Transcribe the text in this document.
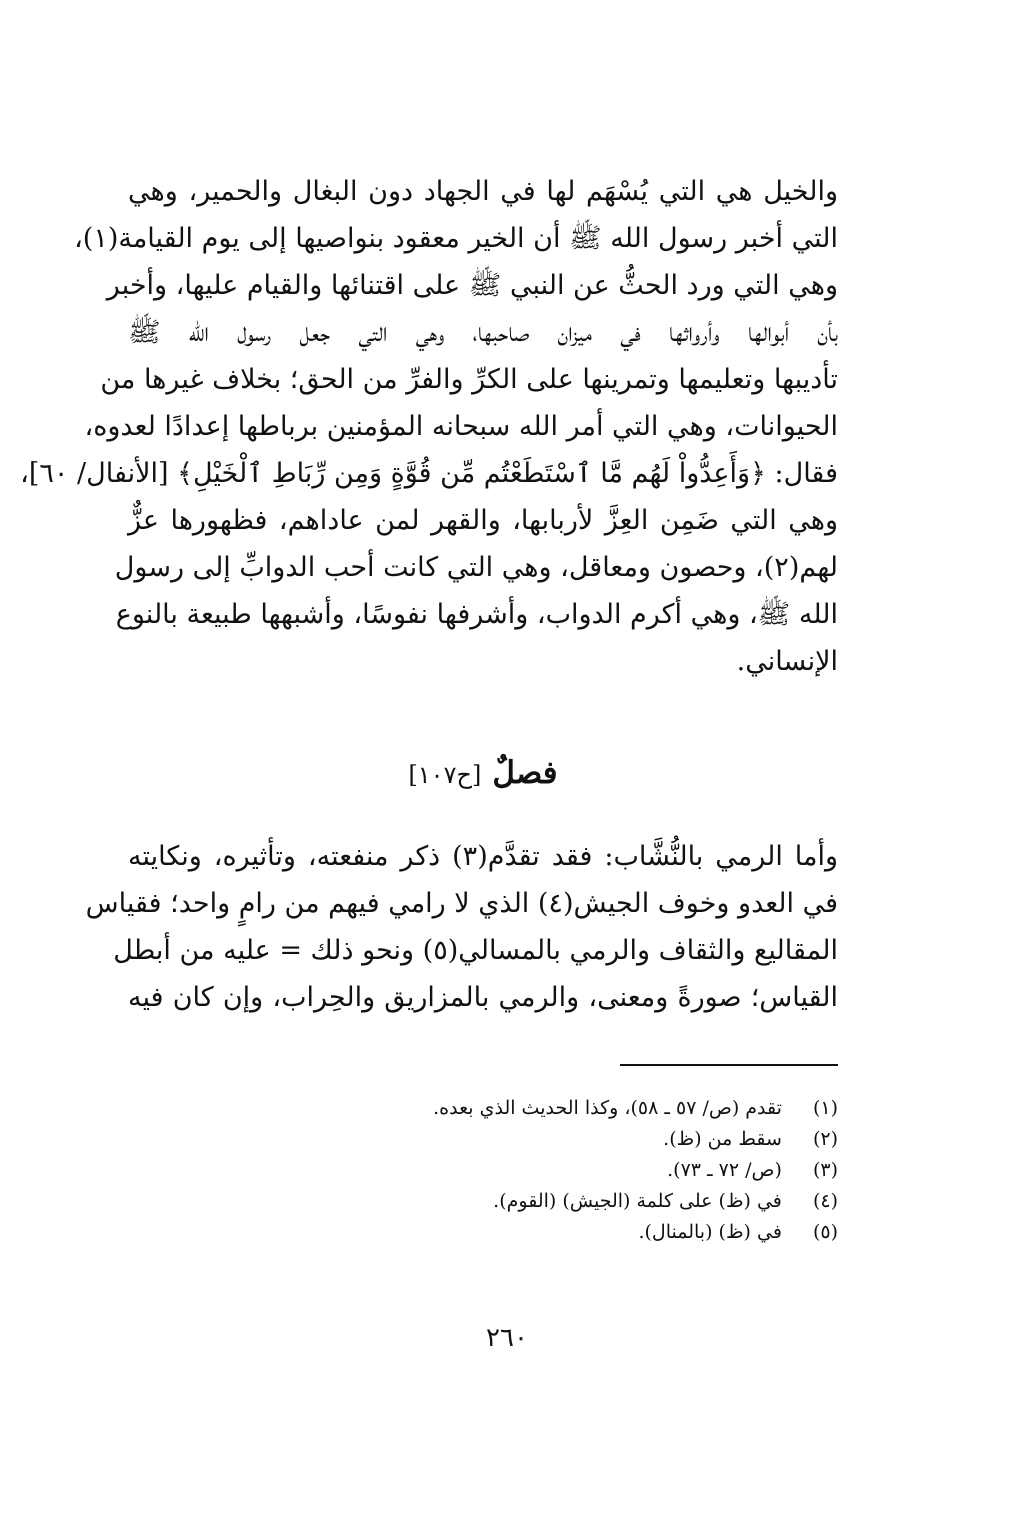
والخيل هي التي يُسْهَم لها في الجهاد دون البغال والحمير، وهي
التي أخبر رسول الله ﷺ أن الخير معقود بنواصيها إلى يوم القيامة(١)،
وهي التي ورد الحثُّ عن النبي ﷺ على اقتنائها والقيام عليها، وأخبر
بأن أبوالها وأرواثها في ميزان صاحبها، وهي التي جعل رسول الله ﷺ
تأديبها وتعليمها وتمرينها على الكرِّ والفرِّ من الحق؛ بخلاف غيرها من
الحيوانات، وهي التي أمر الله سبحانه المؤمنين برباطها إعدادًا لعدوه،
فقال: ﴿وَأَعِدُّواْ لَهُم مَّا ٱسْتَطَعْتُم مِّن قُوَّةٍ وَمِن رِّبَاطِ ٱلْخَيْلِ﴾ [الأنفال/ ٦٠]،
وهي التي ضَمِن العِزَّ لأربابها، والقهر لمن عاداهم، فظهورها عزٌّ
لهم(٢)، وحصون ومعاقل، وهي التي كانت أحب الدوابِّ إلى رسول
الله ﷺ، وهي أكرم الدواب، وأشرفها نفوسًا، وأشبهها طبيعة بالنوع
الإنساني.
فصلٌ [ح١٠٧]
وأما الرمي بالنُّشَّاب: فقد تقدَّم(٣) ذكر منفعته، وتأثيره، ونكايته
في العدو وخوف الجيش(٤) الذي لا رامي فيهم من رامٍ واحد؛ فقياس
المقاليع والثقاف والرمي بالمسالي(٥) ونحو ذلك = عليه من أبطل
القياس؛ صورةً ومعنى، والرمي بالمزاريق والحِراب، وإن كان فيه
(١)  تقدم (ص/ ٥٧ ـ ٥٨)، وكذا الحديث الذي بعده.
(٢)  سقط من (ظ).
(٣)  (ص/ ٧٢ ـ ٧٣).
(٤)  في (ظ) على كلمة (الجيش) (القوم).
(٥)  في (ظ) (بالمنال).
٢٦٠
